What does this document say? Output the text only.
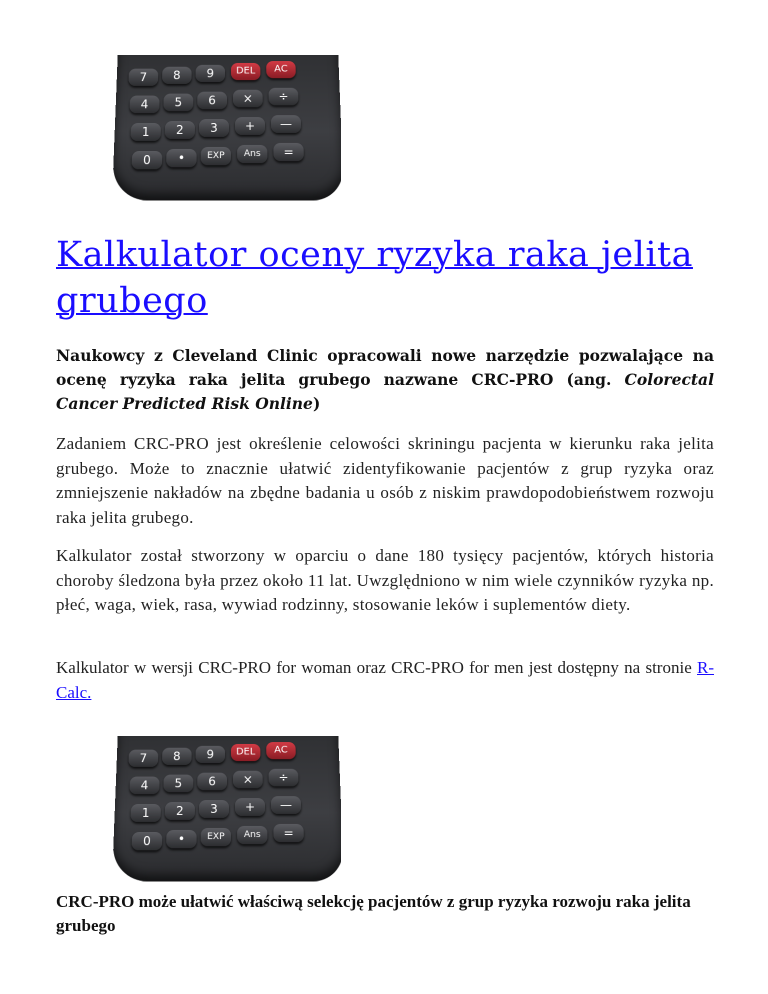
7	8	9	DEL	AC
4	5	6	×	÷
1	2	3	+	—
0	•	EXP	Ans	=
Kalkulator oceny ryzyka raka jelita grubego

Naukowcy z Cleveland Clinic opracowali nowe narzędzie pozwalające na ocenę ryzyka raka jelita grubego nazwane CRC-PRO (ang. Colorectal Cancer Predicted Risk Online)

Zadaniem CRC-PRO jest określenie celowości skriningu pacjenta w kierunku raka jelita grubego. Może to znacznie ułatwić zidentyfikowanie pacjentów z grup ryzyka oraz zmniejszenie nakładów na zbędne badania u osób z niskim prawdopodobieństwem rozwoju raka jelita grubego.

Kalkulator został stworzony w oparciu o dane 180 tysięcy pacjentów, których historia choroby śledzona była przez około 11 lat. Uwzględniono w nim wiele czynników ryzyka np. płeć, waga, wiek, rasa, wywiad rodzinny, stosowanie leków i suplementów diety.

Kalkulator w wersji CRC-PRO for woman oraz CRC-PRO for men jest dostępny na stronie R-Calc.

7	8	9	DEL	AC
4	5	6	×	÷
1	2	3	+	—
0	•	EXP	Ans	=

CRC-PRO może ułatwić właściwą selekcję pacjentów z grup ryzyka rozwoju raka jelita grubego
